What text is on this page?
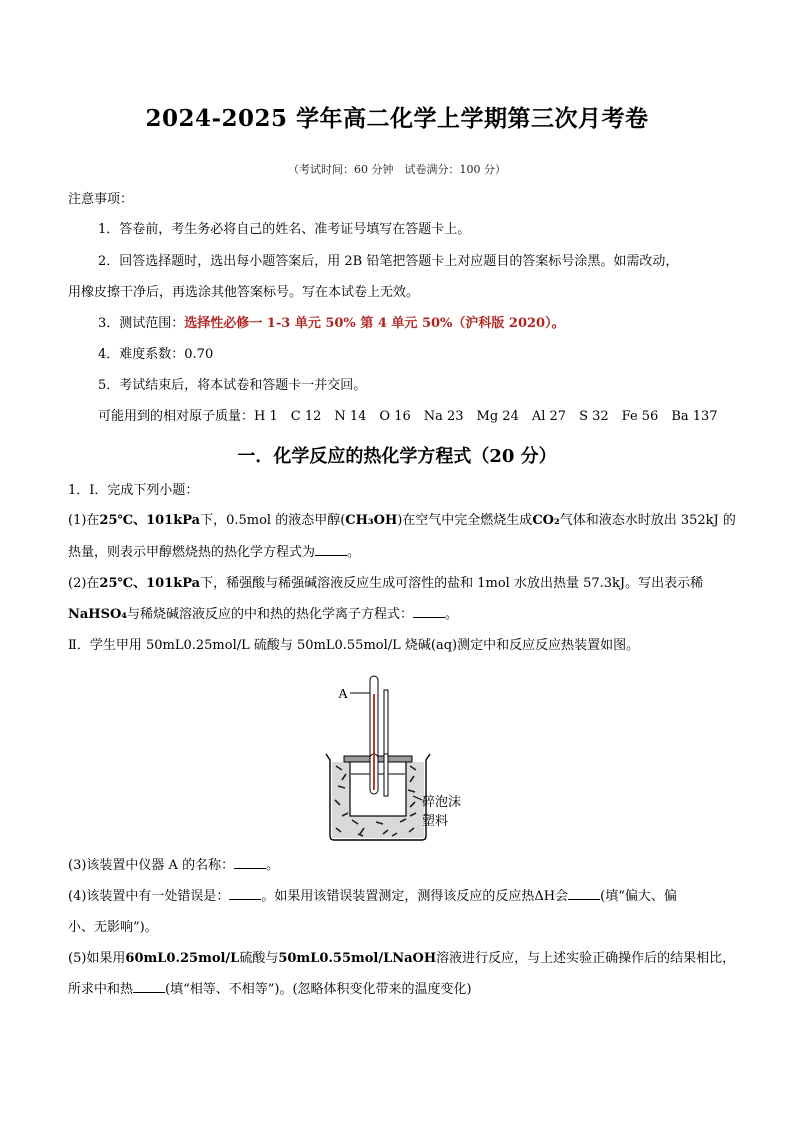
2024-2025 学年高二化学上学期第三次月考卷
（考试时间：60 分钟　试卷满分：100 分）
注意事项：
1．答卷前，考生务必将自己的姓名、准考证号填写在答题卡上。
2．回答选择题时，选出每小题答案后，用 2B 铅笔把答题卡上对应题目的答案标号涂黑。如需改动，
用橡皮擦干净后，再选涂其他答案标号。写在本试卷上无效。
3．测试范围：选择性必修一 1-3 单元 50% 第 4 单元 50%（沪科版 2020）。
4．难度系数：0.70
5．考试结束后，将本试卷和答题卡一并交回。
可能用到的相对原子质量：H 1　C 12　N 14　O 16　Na 23　Mg 24　Al 27　S 32　Fe 56　Ba 137
一．化学反应的热化学方程式（20 分）
1．Ⅰ．完成下列小题：
(1)在25℃、101kPa下，0.5mol 的液态甲醇(CH₃OH)在空气中完全燃烧生成CO₂气体和液态水时放出 352kJ 的
热量，则表示甲醇燃烧热的热化学方程式为 。
(2)在25℃、101kPa下，稀强酸与稀强碱溶液反应生成可溶性的盐和 1mol 水放出热量 57.3kJ。写出表示稀
NaHSO₄与稀烧碱溶液反应的中和热的热化学离子方程式： 。
Ⅱ．学生甲用 50mL0.25mol/L 硫酸与 50mL0.55mol/L 烧碱(aq)测定中和反应反应热装置如图。
A
碎泡沫
塑料
(3)该装置中仪器 A 的名称： 。
(4)该装置中有一处错误是： 。如果用该错误装置测定，测得该反应的反应热ΔH会 (填“偏大、偏
小、无影响”)。
(5)如果用60mL0.25mol/L硫酸与50mL0.55mol/LNaOH溶液进行反应，与上述实验正确操作后的结果相比，
所求中和热 (填“相等、不相等”)。(忽略体积变化带来的温度变化)
